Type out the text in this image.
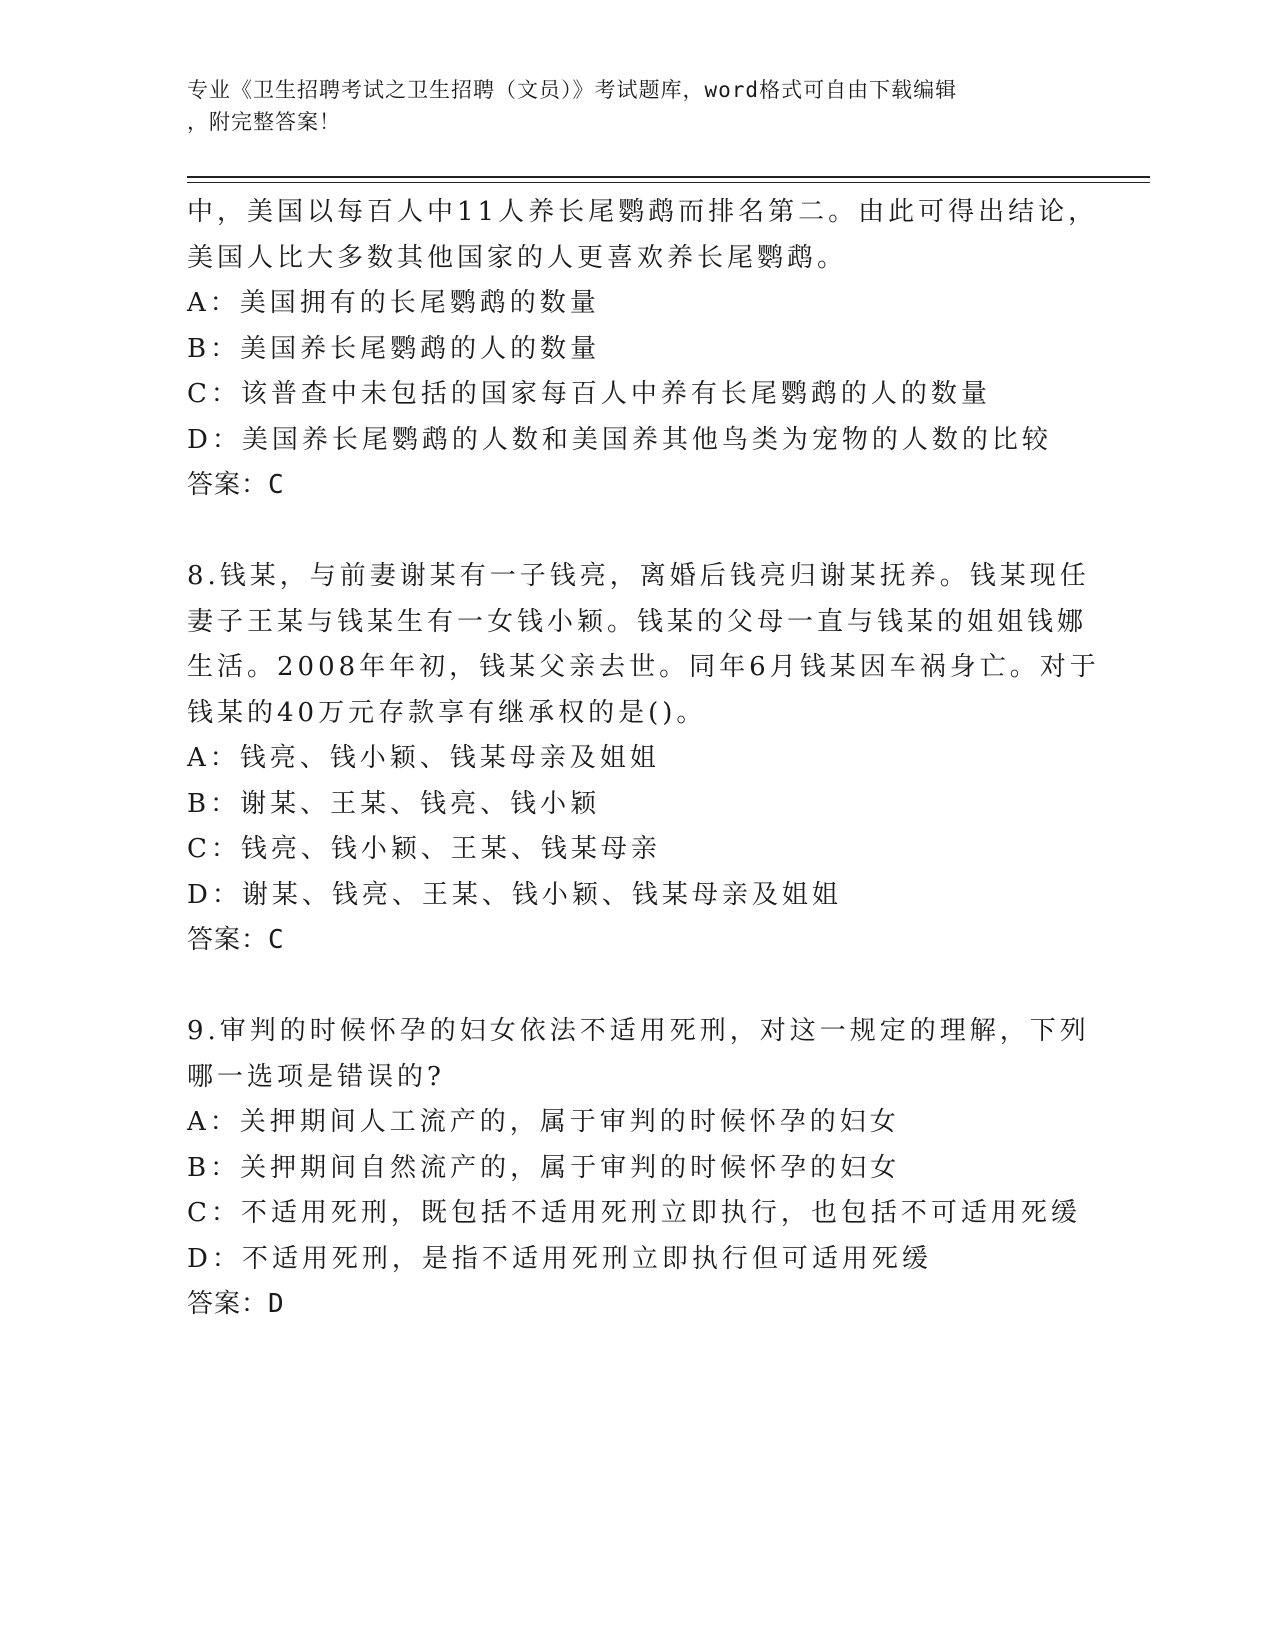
专业《卫生招聘考试之卫生招聘（文员）》考试题库，word格式可自由下载编辑
，附完整答案！
中，美国以每百人中11人养长尾鹦鹉而排名第二。由此可得出结论，
美国人比大多数其他国家的人更喜欢养长尾鹦鹉。
A：美国拥有的长尾鹦鹉的数量
B：美国养长尾鹦鹉的人的数量
C：该普查中未包括的国家每百人中养有长尾鹦鹉的人的数量
D：美国养长尾鹦鹉的人数和美国养其他鸟类为宠物的人数的比较
答案：C
8.钱某，与前妻谢某有一子钱亮，离婚后钱亮归谢某抚养。钱某现任
妻子王某与钱某生有一女钱小颖。钱某的父母一直与钱某的姐姐钱娜
生活。2008年年初，钱某父亲去世。同年6月钱某因车祸身亡。对于
钱某的40万元存款享有继承权的是()。
A：钱亮、钱小颖、钱某母亲及姐姐
B：谢某、王某、钱亮、钱小颖
C：钱亮、钱小颖、王某、钱某母亲
D：谢某、钱亮、王某、钱小颖、钱某母亲及姐姐
答案：C
9.审判的时候怀孕的妇女依法不适用死刑，对这一规定的理解，下列
哪一选项是错误的?
A：关押期间人工流产的，属于审判的时候怀孕的妇女
B：关押期间自然流产的，属于审判的时候怀孕的妇女
C：不适用死刑，既包括不适用死刑立即执行，也包括不可适用死缓
D：不适用死刑，是指不适用死刑立即执行但可适用死缓
答案：D
